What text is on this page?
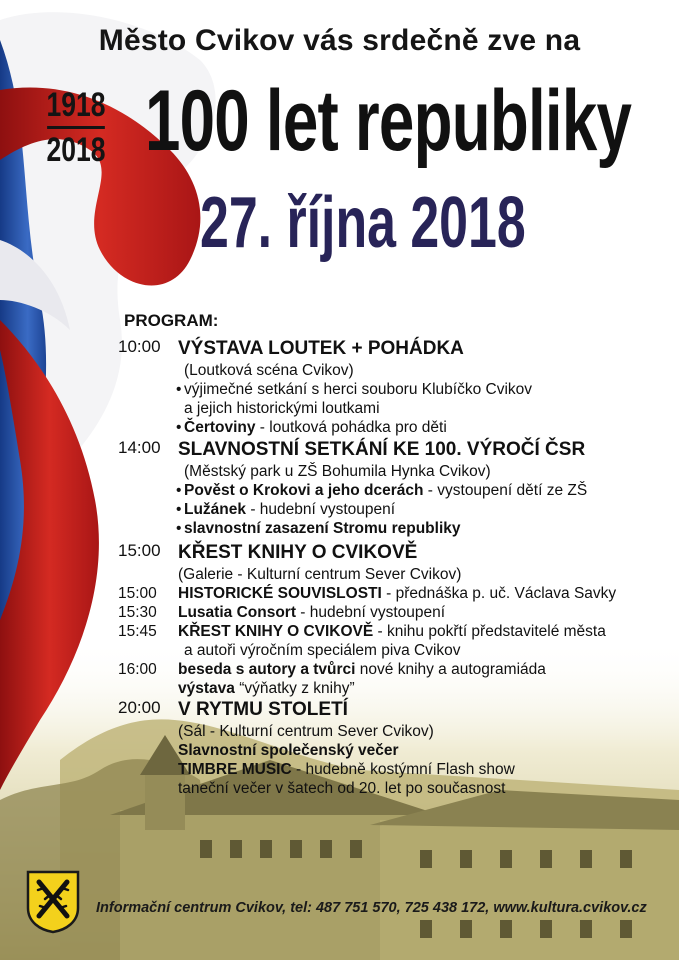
Město Cvikov vás srdečně zve na
1918
2018 100 let republiky
27. října 2018
PROGRAM:
10:00 VÝSTAVA LOUTEK + POHÁDKA
(Loutková scéna Cvikov)
• výjimečné setkání s herci souboru Klubíčko Cvikov
a jejich historickými loutkami
• Čertoviny - loutková pohádka pro děti
14:00 SLAVNOSTNÍ SETKÁNÍ KE 100. VÝROČÍ ČSR
(Městský park u ZŠ Bohumila Hynka Cvikov)
• Pověst o Krokovi a jeho dcerách - vystoupení dětí ze ZŠ
• Lužánek - hudební vystoupení
• slavnostní zasazení Stromu republiky
15:00 KŘEST KNIHY O CVIKOVĚ
(Galerie - Kulturní centrum Sever Cvikov)
15:00	HISTORICKÉ SOUVISLOSTI - přednáška p. uč. Václava Savky
15:30	Lusatia Consort - hudební vystoupení
15:45	KŘEST KNIHY O CVIKOVĚ - knihu pokřtí představitelé města
a autoři výročním speciálem piva Cvikov
16:00	beseda s autory a tvůrci nové knihy a autogramiáda
výstava “výňatky z knihy”
20:00 V RYTMU STOLETÍ
(Sál - Kulturní centrum Sever Cvikov)
Slavnostní společenský večer
TIMBRE MUSIC - hudebně kostýmní Flash show
taneční večer v šatech od 20. let po současnost
Informační centrum Cvikov, tel: 487 751 570, 725 438 172, www.kultura.cvikov.cz
